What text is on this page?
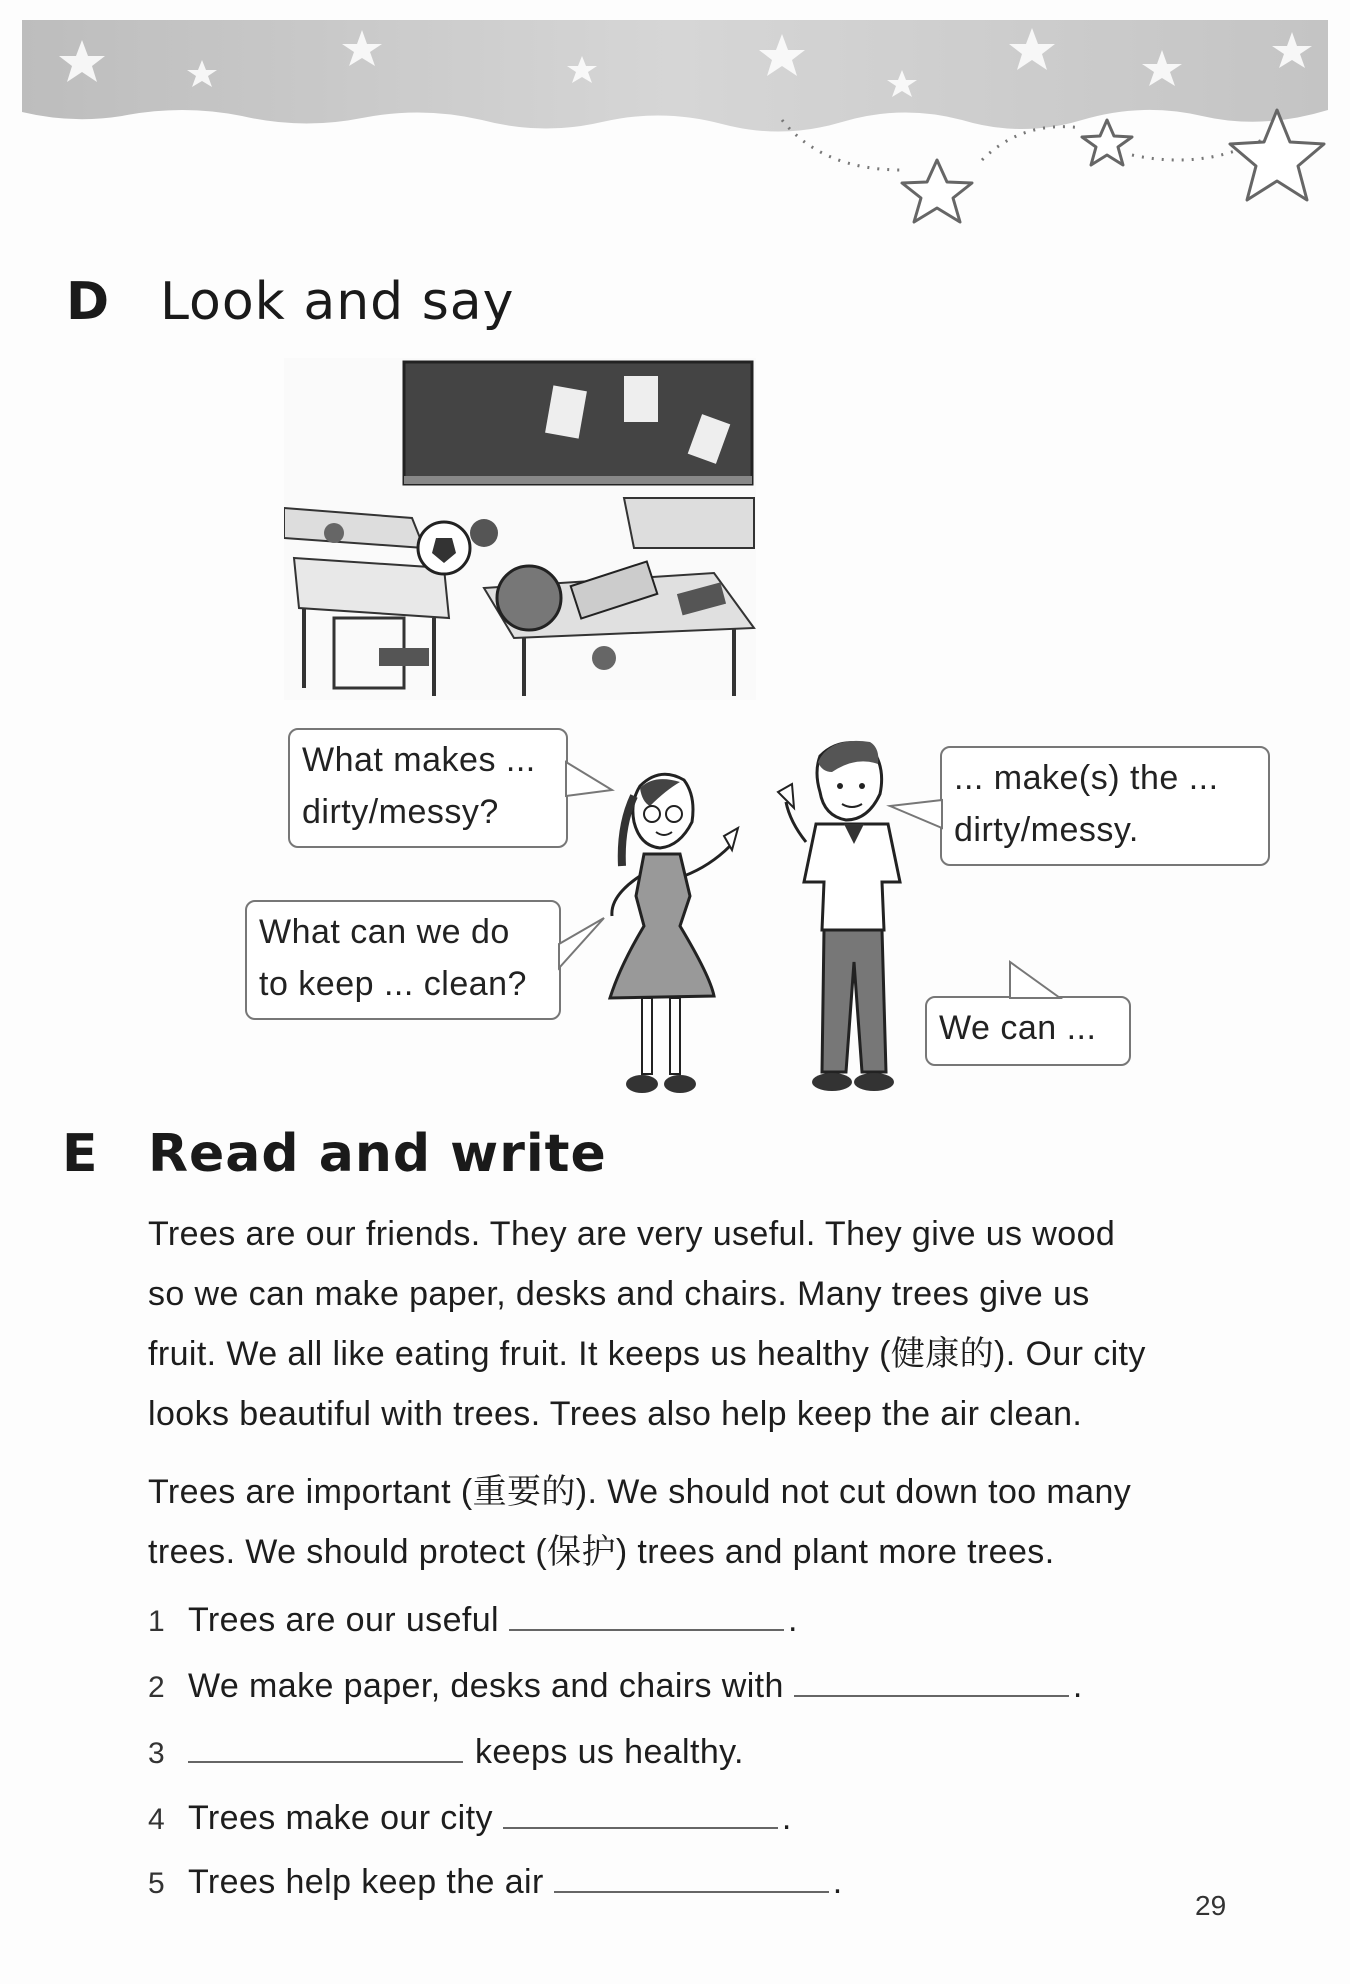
D Look and say
What makes ...
dirty/messy?
What can we do
to keep ... clean?
... make(s) the ...
dirty/messy.
We can ...
E Read and write
Trees are our friends. They are very useful. They give us wood
so we can make paper, desks and chairs. Many trees give us
fruit. We all like eating fruit. It keeps us healthy (健康的). Our city
looks beautiful with trees. Trees also help keep the air clean.
Trees are important (重要的). We should not cut down too many
trees. We should protect (保护) trees and plant more trees.
1 Trees are our useful	.
2 We make paper, desks and chairs with	.
3	keeps us healthy.
4 Trees make our city	.
5 Trees help keep the air	.
29
